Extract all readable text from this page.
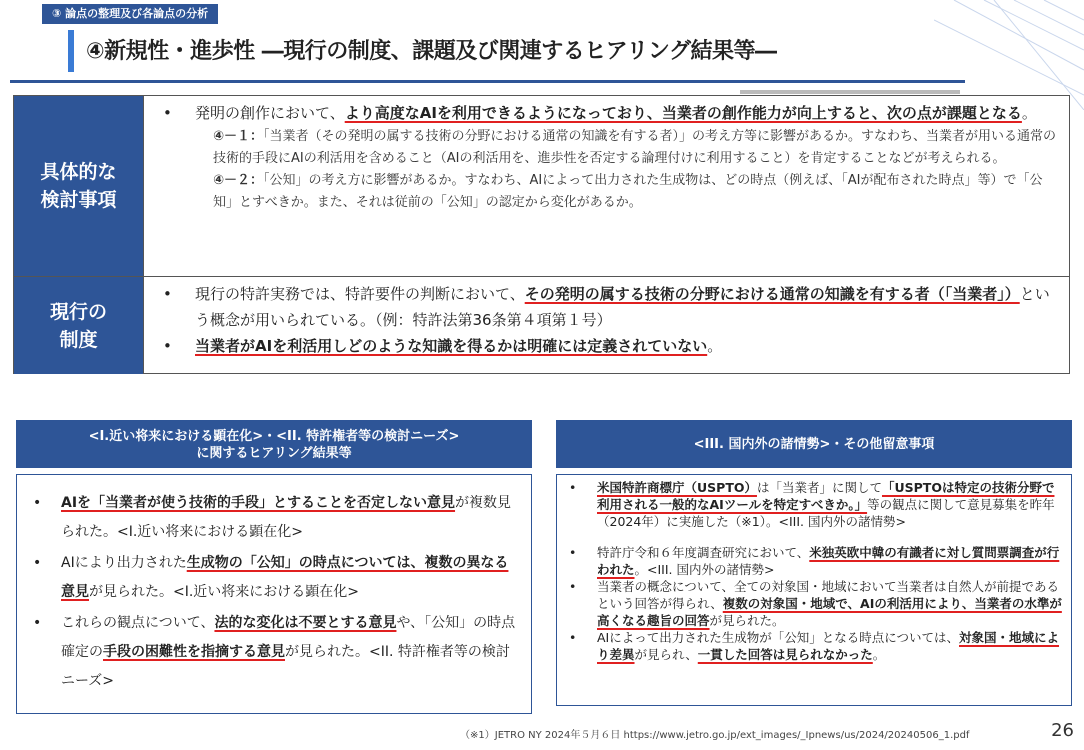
③ 論点の整理及び各論点の分析
④新規性・進歩性 ―現行の制度、課題及び関連するヒアリング結果等―
具体的な
検討事項
• 発明の創作において、より高度なAIを利用できるようになっており、当業者の創作能力が向上すると、次の点が課題となる。
④－１：「当業者（その発明の属する技術の分野における通常の知識を有する者）」の考え方等に影響があるか。すなわち、当業者が用いる通常の技術的手段にAIの利活用を含めること（AIの利活用を、進歩性を否定する論理付けに利用すること）を肯定することなどが考えられる。
④－２：「公知」の考え方に影響があるか。すなわち、AIによって出力された生成物は、どの時点（例えば、「AIが配布された時点」等）で「公知」とすべきか。また、それは従前の「公知」の認定から変化があるか。
現行の
制度
• 現行の特許実務では、特許要件の判断において、その発明の属する技術の分野における通常の知識を有する者（「当業者」）という概念が用いられている。（例：特許法第36条第４項第１号）
• 当業者がAIを利活用しどのような知識を得るかは明確には定義されていない。
<I.近い将来における顕在化>・<II. 特許権者等の検討ニーズ>
に関するヒアリング結果等
• AIを「当業者が使う技術的手段」とすることを否定しない意見が複数見られた。<I.近い将来における顕在化>
• AIにより出力された生成物の「公知」の時点については、複数の異なる意見が見られた。<I.近い将来における顕在化>
• これらの観点について、法的な変化は不要とする意見や、「公知」の時点確定の手段の困難性を指摘する意見が見られた。<II. 特許権者等の検討ニーズ>
<III. 国内外の諸情勢>・その他留意事項
• 米国特許商標庁（USPTO）は「当業者」に関して「USPTOは特定の技術分野で利用される一般的なAIツールを特定すべきか。」等の観点に関して意見募集を昨年（2024年）に実施した（※1）。<III. 国内外の諸情勢>
• 特許庁令和６年度調査研究において、米独英欧中韓の有識者に対し質問票調査が行われた。<III. 国内外の諸情勢>
• 当業者の概念について、全ての対象国・地域において当業者は自然人が前提であるという回答が得られ、複数の対象国・地域で、AIの利活用により、当業者の水準が高くなる趣旨の回答が見られた。
• AIによって出力された生成物が「公知」となる時点については、対象国・地域により差異が見られ、一貫した回答は見られなかった。
（※1）JETRO NY 2024年５月６日 https://www.jetro.go.jp/ext_images/_Ipnews/us/2024/20240506_1.pdf	26
